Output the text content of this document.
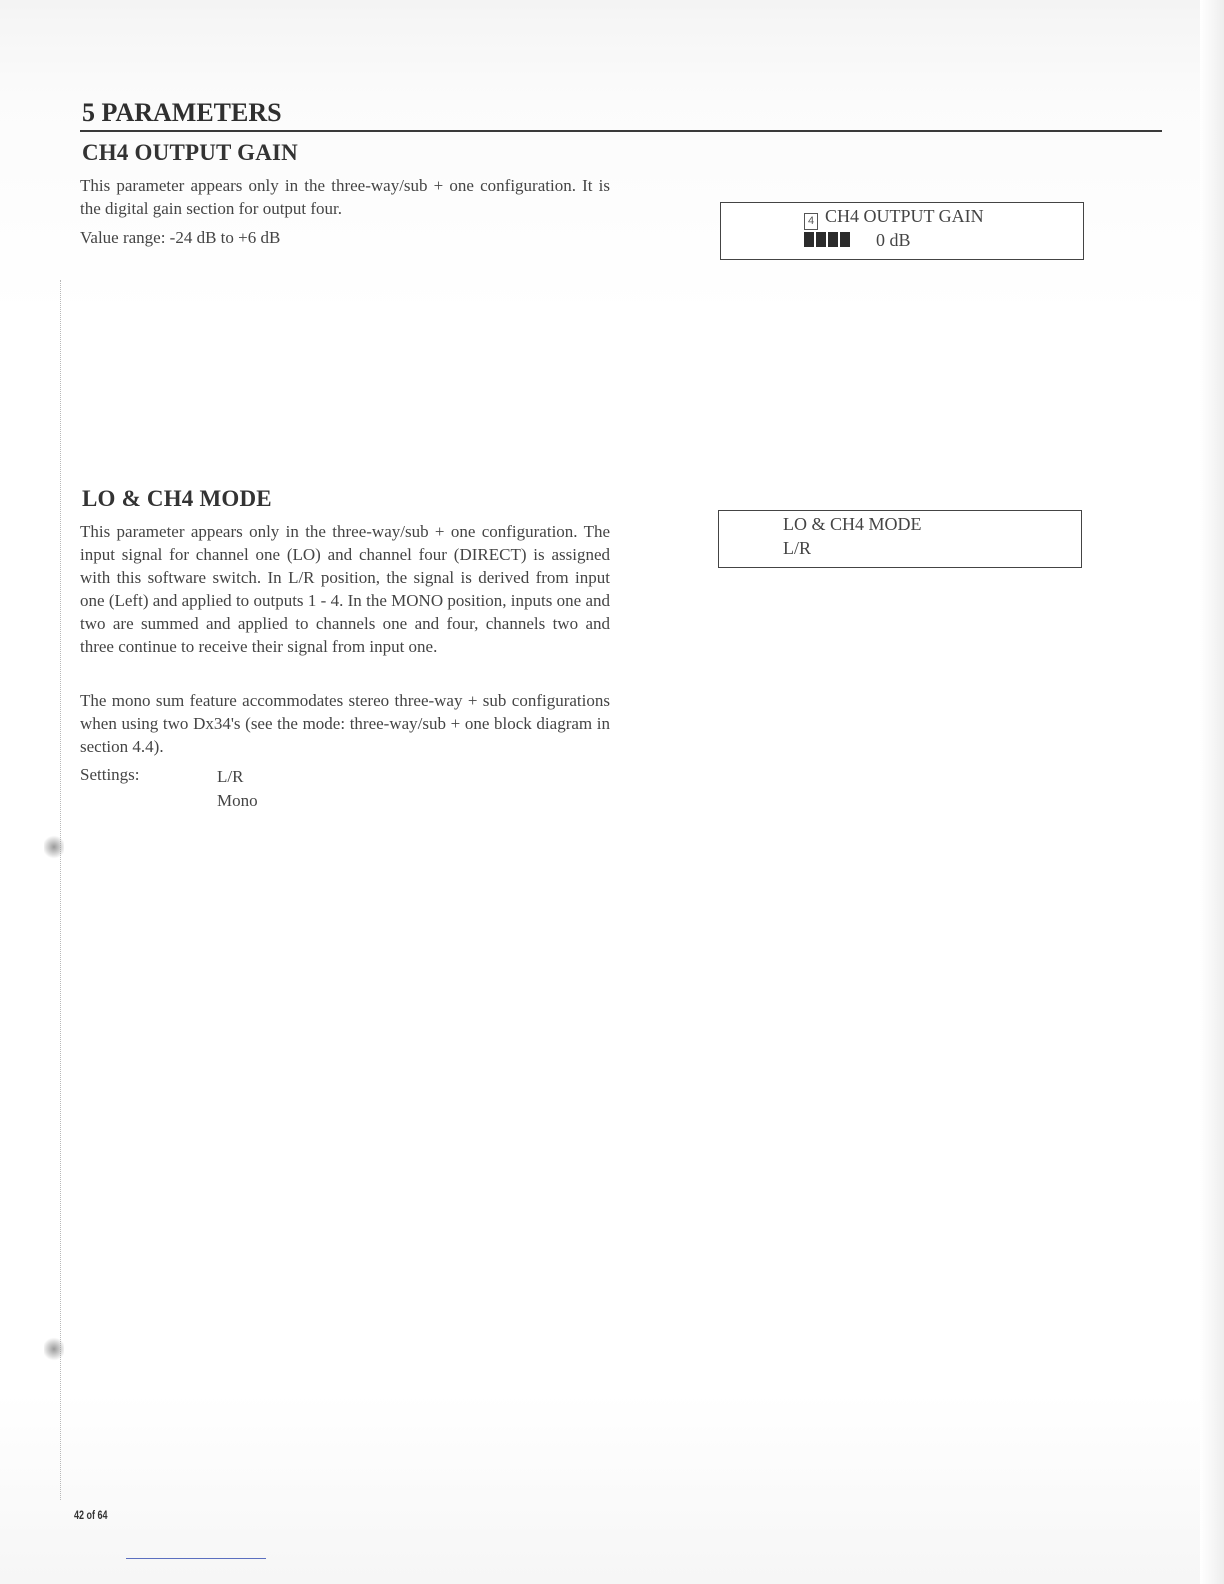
5 PARAMETERS
CH4 OUTPUT GAIN

This parameter appears only in the three-way/sub + one configuration. It is the digital gain section for output four.

Value range: -24 dB to +6 dB

4 CH4 OUTPUT GAIN
0 dB
LO & CH4 MODE

This parameter appears only in the three-way/sub + one configuration. The input signal for channel one (LO) and channel four (DIRECT) is assigned with this software switch. In L/R position, the signal is derived from input one (Left) and applied to outputs 1 - 4. In the MONO position, inputs one and two are summed and applied to channels one and four, channels two and three continue to receive their signal from input one.

The mono sum feature accommodates stereo three-way + sub configurations when using two Dx34's (see the mode: three-way/sub + one block diagram in section 4.4).

Settings:	L/R
Mono
LO & CH4 MODE
L/R
42 of 64
